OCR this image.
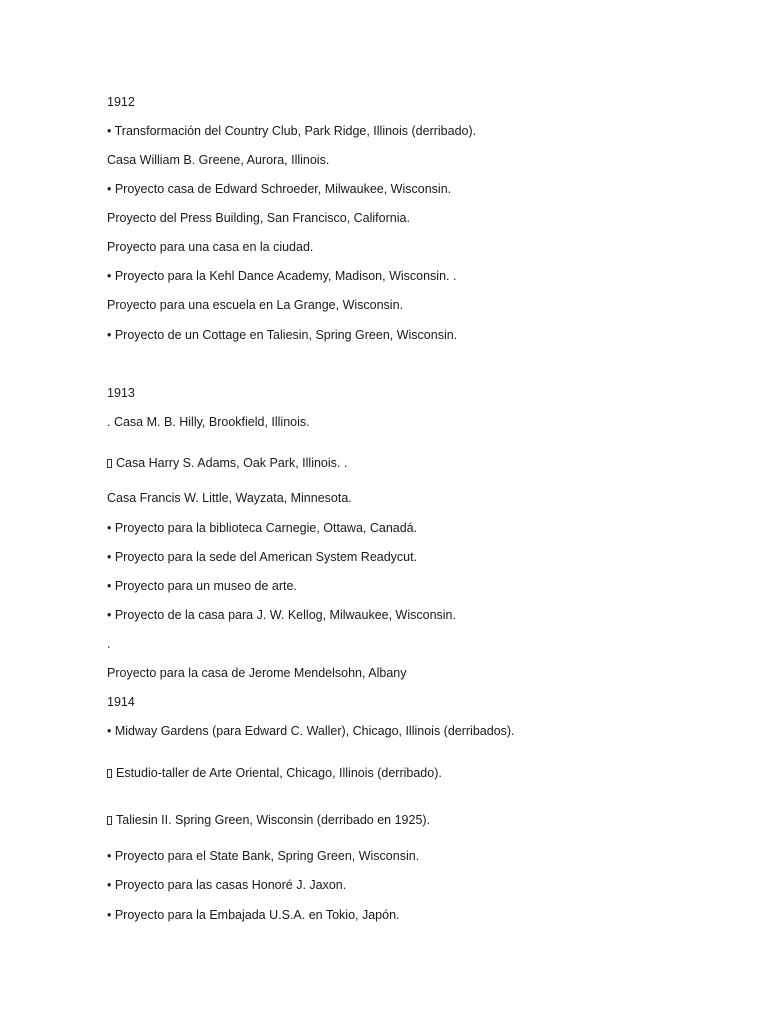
1912
• Transformación del Country Club, Park Ridge, Illinois (derribado).
Casa William B. Greene, Aurora, Illinois.
• Proyecto casa de Edward Schroeder, Milwaukee, Wisconsin.
Proyecto del Press Building, San Francisco, California.
Proyecto para una casa en la ciudad.
• Proyecto para la Kehl Dance Academy, Madison, Wisconsin. .
Proyecto para una escuela en La Grange, Wisconsin.
• Proyecto de un Cottage en Taliesin, Spring Green, Wisconsin.
1913
. Casa M. B. Hilly, Brookfield, Illinois.
Casa Harry S. Adams, Oak Park, Illinois. .
Casa Francis W. Little, Wayzata, Minnesota.
• Proyecto para la biblioteca Carnegie, Ottawa, Canadá.
• Proyecto para la sede del American System Readycut.
• Proyecto para un museo de arte.
• Proyecto de la casa para J. W. Kellog, Milwaukee, Wisconsin.
.
Proyecto para la casa de Jerome Mendelsohn, Albany
1914
• Midway Gardens (para Edward C. Waller), Chicago, Illinois (derribados).
Estudio-taller de Arte Oriental, Chicago, Illinois (derribado).
Taliesin II. Spring Green, Wisconsin (derribado en 1925).
• Proyecto para el State Bank, Spring Green, Wisconsin.
• Proyecto para las casas Honoré J. Jaxon.
• Proyecto para la Embajada U.S.A. en Tokio, Japón.
